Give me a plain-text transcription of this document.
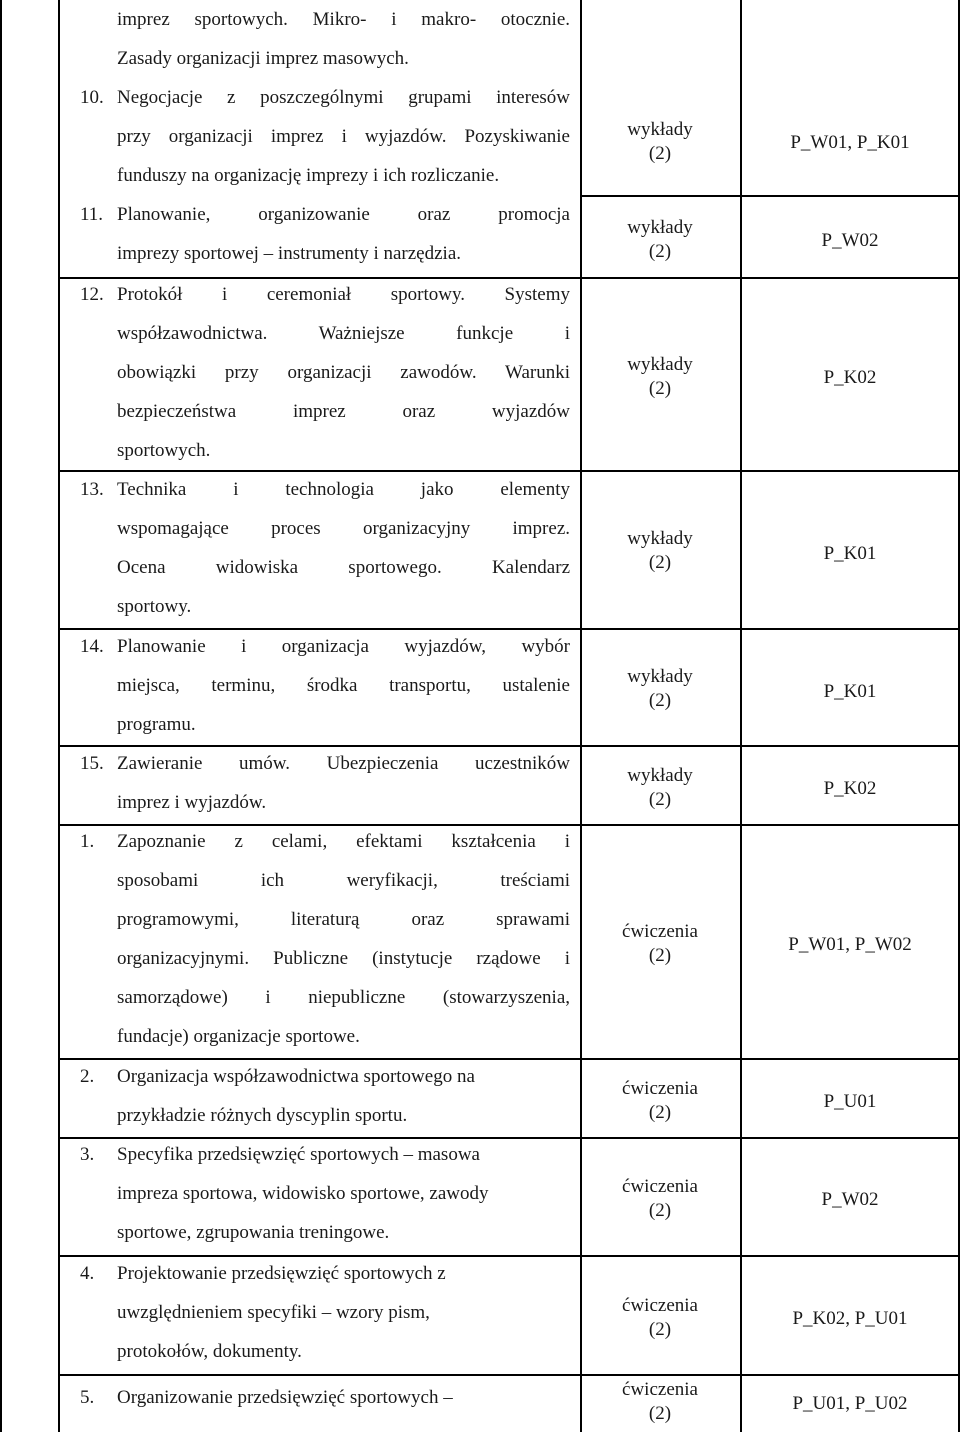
imprez sportowych. Mikro- i makro- otocznie.
Zasady organizacji imprez masowych.
10. Negocjacje z poszczególnymi grupami interesów
przy organizacji imprez i wyjazdów. Pozyskiwanie
funduszy na organizację imprezy i ich rozliczanie.
wykłady
(2)
P_W01, P_K01
11. Planowanie, organizowanie oraz promocja
imprezy sportowej – instrumenty i narzędzia.
wykłady
(2)
P_W02
12. Protokół i ceremoniał sportowy. Systemy
współzawodnictwa. Ważniejsze funkcje i
obowiązki przy organizacji zawodów. Warunki
bezpieczeństwa imprez oraz wyjazdów
sportowych.
wykłady
(2)
P_K02
13. Technika i technologia jako elementy
wspomagające proces organizacyjny imprez.
Ocena widowiska sportowego. Kalendarz
sportowy.
wykłady
(2)	P_K01
14. Planowanie i organizacja wyjazdów, wybór
miejsca, terminu, środka transportu, ustalenie
programu.
wykłady
(2)	P_K01
15. Zawieranie umów. Ubezpieczenia uczestników
imprez i wyjazdów.
wykłady
(2)
P_K02
1. Zapoznanie z celami, efektami kształcenia i
sposobami ich weryfikacji, treściami
programowymi, literaturą oraz sprawami
organizacyjnymi. Publiczne (instytucje rządowe i
samorządowe) i niepubliczne (stowarzyszenia,
fundacje) organizacje sportowe.
ćwiczenia
(2)
P_W01, P_W02
2. Organizacja współzawodnictwa sportowego na
przykładzie różnych dyscyplin sportu.
ćwiczenia
(2)
P_U01
3. Specyfika przedsięwzięć sportowych – masowa
impreza sportowa, widowisko sportowe, zawody
sportowe, zgrupowania treningowe.
ćwiczenia
(2)
P_W02
4. Projektowanie przedsięwzięć sportowych z
uwzględnieniem specyfiki – wzory pism,
protokołów, dokumenty.
ćwiczenia
(2)
P_K02, P_U01
5. Organizowanie przedsięwzięć sportowych –	ćwiczenia
(2)	P_U01, P_U02
